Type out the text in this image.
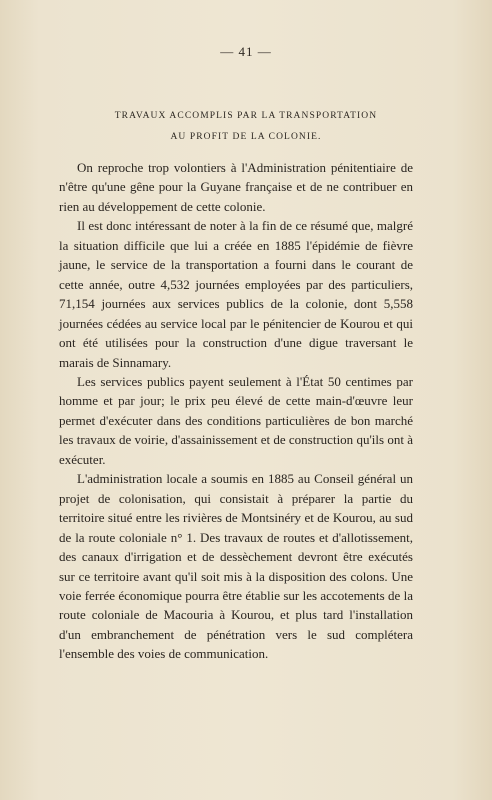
— 41 —
TRAVAUX ACCOMPLIS PAR LA TRANSPORTATION
AU PROFIT DE LA COLONIE.

On reproche trop volontiers à l'Administration pénitentiaire de n'être qu'une gêne pour la Guyane française et de ne contribuer en rien au développement de cette colonie.

Il est donc intéressant de noter à la fin de ce résumé que, malgré la situation difficile que lui a créée en 1885 l'épidémie de fièvre jaune, le service de la transportation a fourni dans le courant de cette année, outre 4,532 journées employées par des particuliers, 71,154 journées aux services publics de la colonie, dont 5,558 journées cédées au service local par le pénitencier de Kourou et qui ont été utilisées pour la construction d'une digue traversant le marais de Sinnamary.

Les services publics payent seulement à l'État 50 centimes par homme et par jour; le prix peu élevé de cette main-d'œuvre leur permet d'exécuter dans des conditions particulières de bon marché les travaux de voirie, d'assainissement et de construction qu'ils ont à exécuter.

L'administration locale a soumis en 1885 au Conseil général un projet de colonisation, qui consistait à préparer la partie du territoire situé entre les rivières de Montsinéry et de Kourou, au sud de la route coloniale n° 1. Des travaux de routes et d'allotissement, des canaux d'irrigation et de dessèchement devront être exécutés sur ce territoire avant qu'il soit mis à la disposition des colons. Une voie ferrée économique pourra être établie sur les accotements de la route coloniale de Macouria à Kourou, et plus tard l'installation d'un embranchement de pénétration vers le sud complétera l'ensemble des voies de communication.
